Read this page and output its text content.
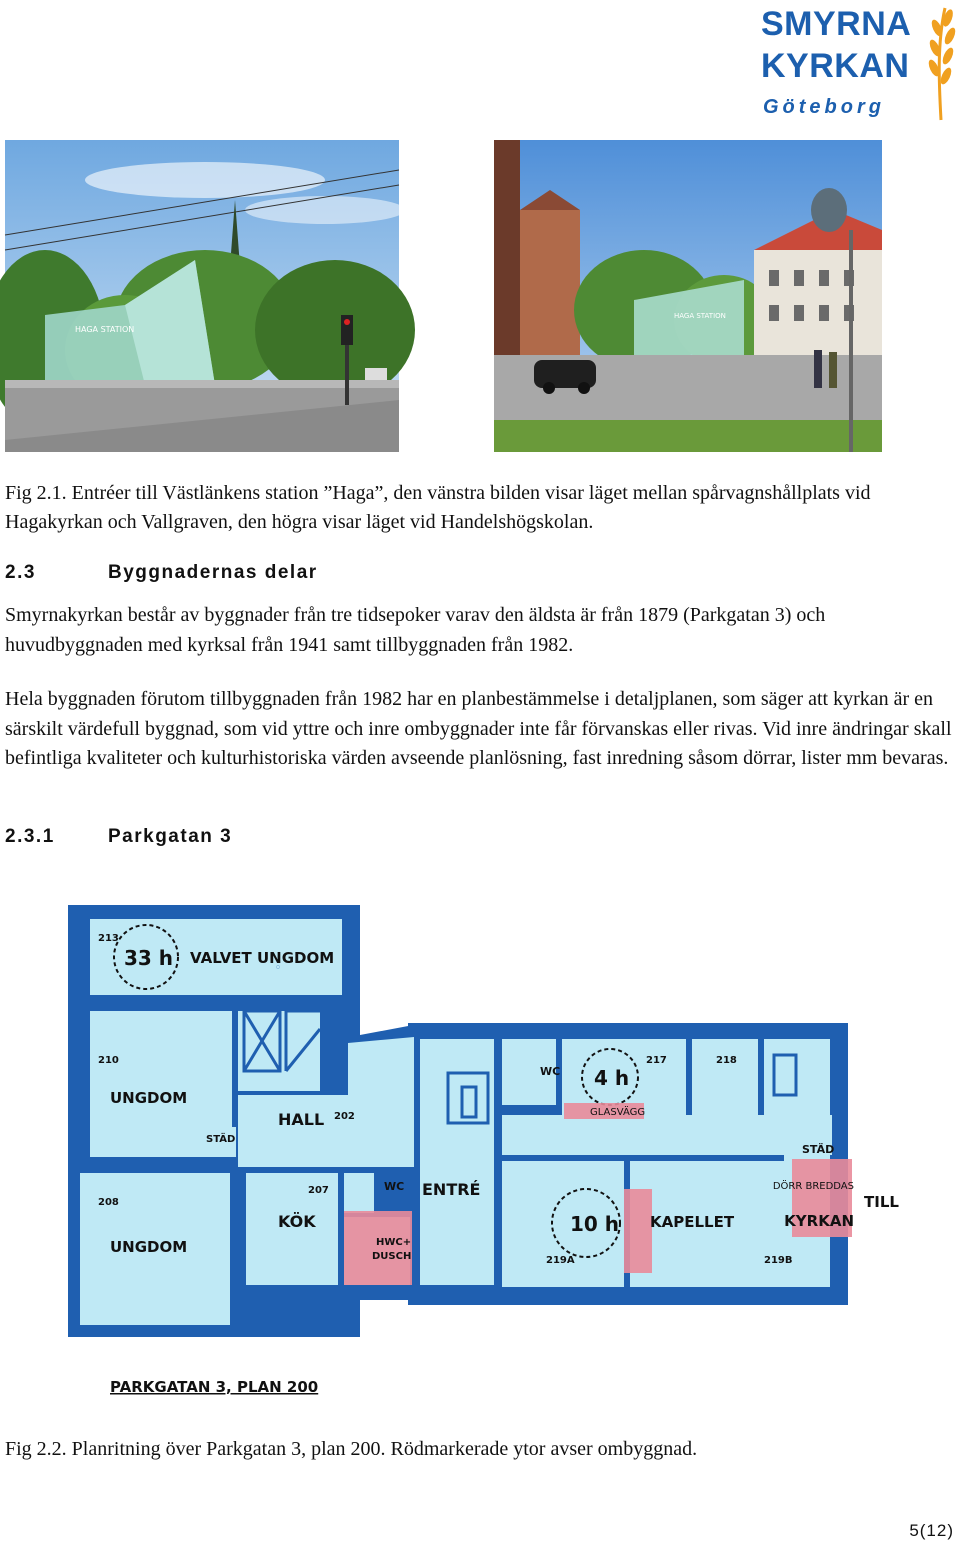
SMYRNA
KYRKAN
Göteborg
HAGA STATION
HAGA STATION
Fig 2.1. Entréer till Västlänkens station ”Haga”, den vänstra bilden visar läget mellan spårvagnshållplats vid Hagakyrkan och Vallgraven, den högra visar läget vid Handelshögskolan.
2.3	Byggnadernas delar
Smyrnakyrkan består av byggnader från tre tidsepoker varav den äldsta är från 1879 (Parkgatan 3) och huvudbyggnaden med kyrksal från 1941 samt tillbyggnaden från 1982.
Hela byggnaden förutom tillbyggnaden från 1982 har en planbestämmelse i detaljplanen, som säger att kyrkan är en särskilt värdefull byggnad, som vid yttre och inre ombyggnader inte får förvanskas eller rivas. Vid inre ändringar skall befintliga kvaliteter och kulturhistoriska värden avseende planlösning, fast inredning såsom dörrar, lister mm bevaras.
2.3.1	Parkgatan 3
213
33 h VALVET UNGDOM
210
UNGDOM
HALL 202
STÄD
208
UNGDOM
207
KÖK
WC ENTRÉ
HWC+
DUSCH
WC 4 h
217
GLASVÄGG
218
STÄD
DÖRR BREDDAS
TILL
KYRKAN
10 h KAPELLET
219A	219B
PARKGATAN 3, PLAN 200
Fig 2.2. Planritning över Parkgatan 3, plan 200. Rödmarkerade ytor avser ombyggnad.
5(12)
